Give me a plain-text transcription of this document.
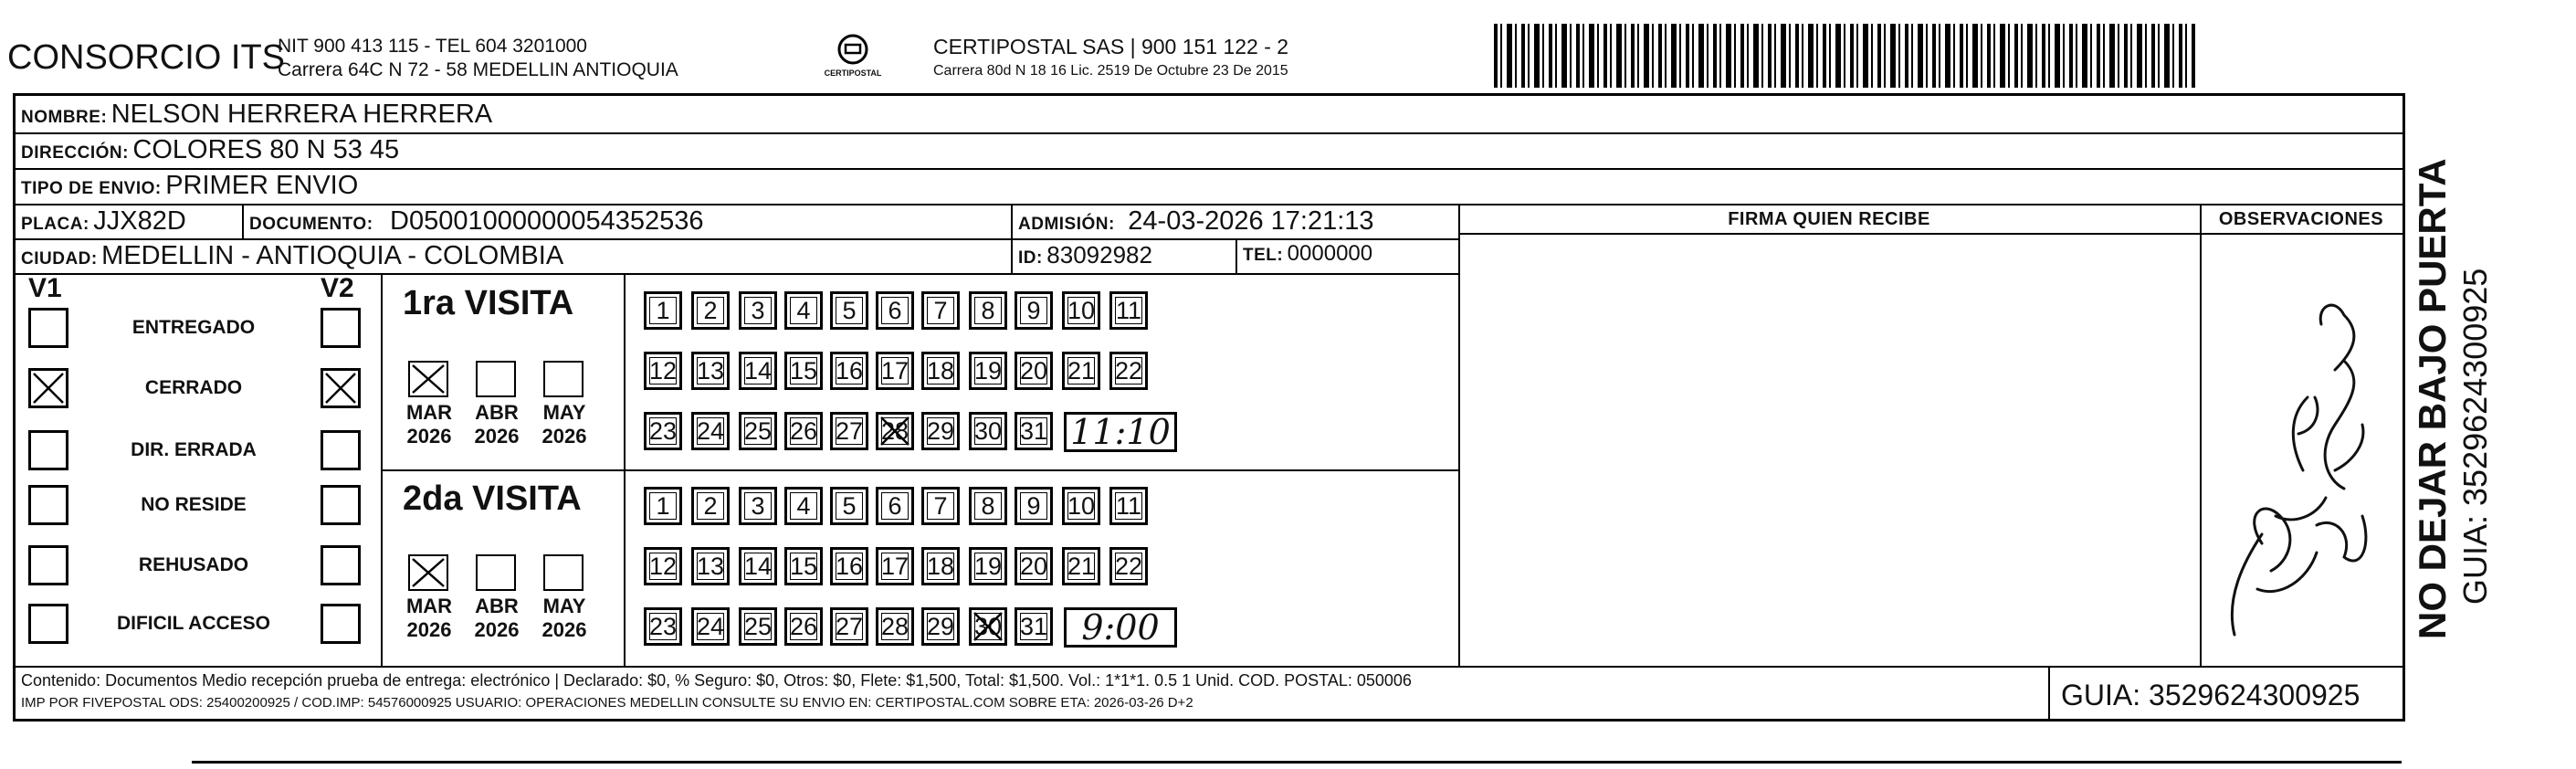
CONSORCIO ITS
NIT 900 413 115 - TEL 604 3201000
Carrera 64C N 72 - 58 MEDELLIN ANTIOQUIA	CERTIPOSTAL
CERTIPOSTAL SAS | 900 151 122 - 2
Carrera 80d N 18 16 Lic. 2519 De Octubre 23 De 2015
NOMBRE: NELSON HERRERA HERRERA
DIRECCIÓN: COLORES 80 N 53 45
TIPO DE ENVIO: PRIMER ENVIO
PLACA: JJX82D	DOCUMENTO: D05001000000054352536	ADMISIÓN: 24-03-2026 17:21:13
CIUDAD: MEDELLIN - ANTIOQUIA - COLOMBIA	ID: 83092982	TEL: 0000000
FIRMA QUIEN RECIBE	OBSERVACIONES
V1	V2
ENTREGADO
CERRADO
DIR. ERRADA
NO RESIDE
REHUSADO
DIFICIL ACCESO
1ra VISITA
2da VISITA
MAR
2026
ABR
2026
MAY
2026
MAR
2026
ABR
2026
MAY
2026
1 2 3 4 5 6 7 8 9 10 11
12 13 14 15 16 17 18 19 20 21 22
23 24 25 26 27 28 29 30 31 11:10
1 2 3 4 5 6 7 8 9 10 11
12 13 14 15 16 17 18 19 20 21 22
23 24 25 26 27 28 29 30 31 9:00
Contenido: Documentos Medio recepción prueba de entrega: electrónico | Declarado: $0, % Seguro: $0, Otros: $0, Flete: $1,500, Total: $1,500. Vol.: 1*1*1. 0.5 1 Unid. COD. POSTAL: 050006
IMP POR FIVEPOSTAL ODS: 25400200925 / COD.IMP: 54576000925 USUARIO: OPERACIONES MEDELLIN CONSULTE SU ENVIO EN: CERTIPOSTAL.COM SOBRE ETA: 2026-03-26 D+2	GUIA: 3529624300925
NO DEJAR BAJO PUERTA GUIA: 3529624300925
